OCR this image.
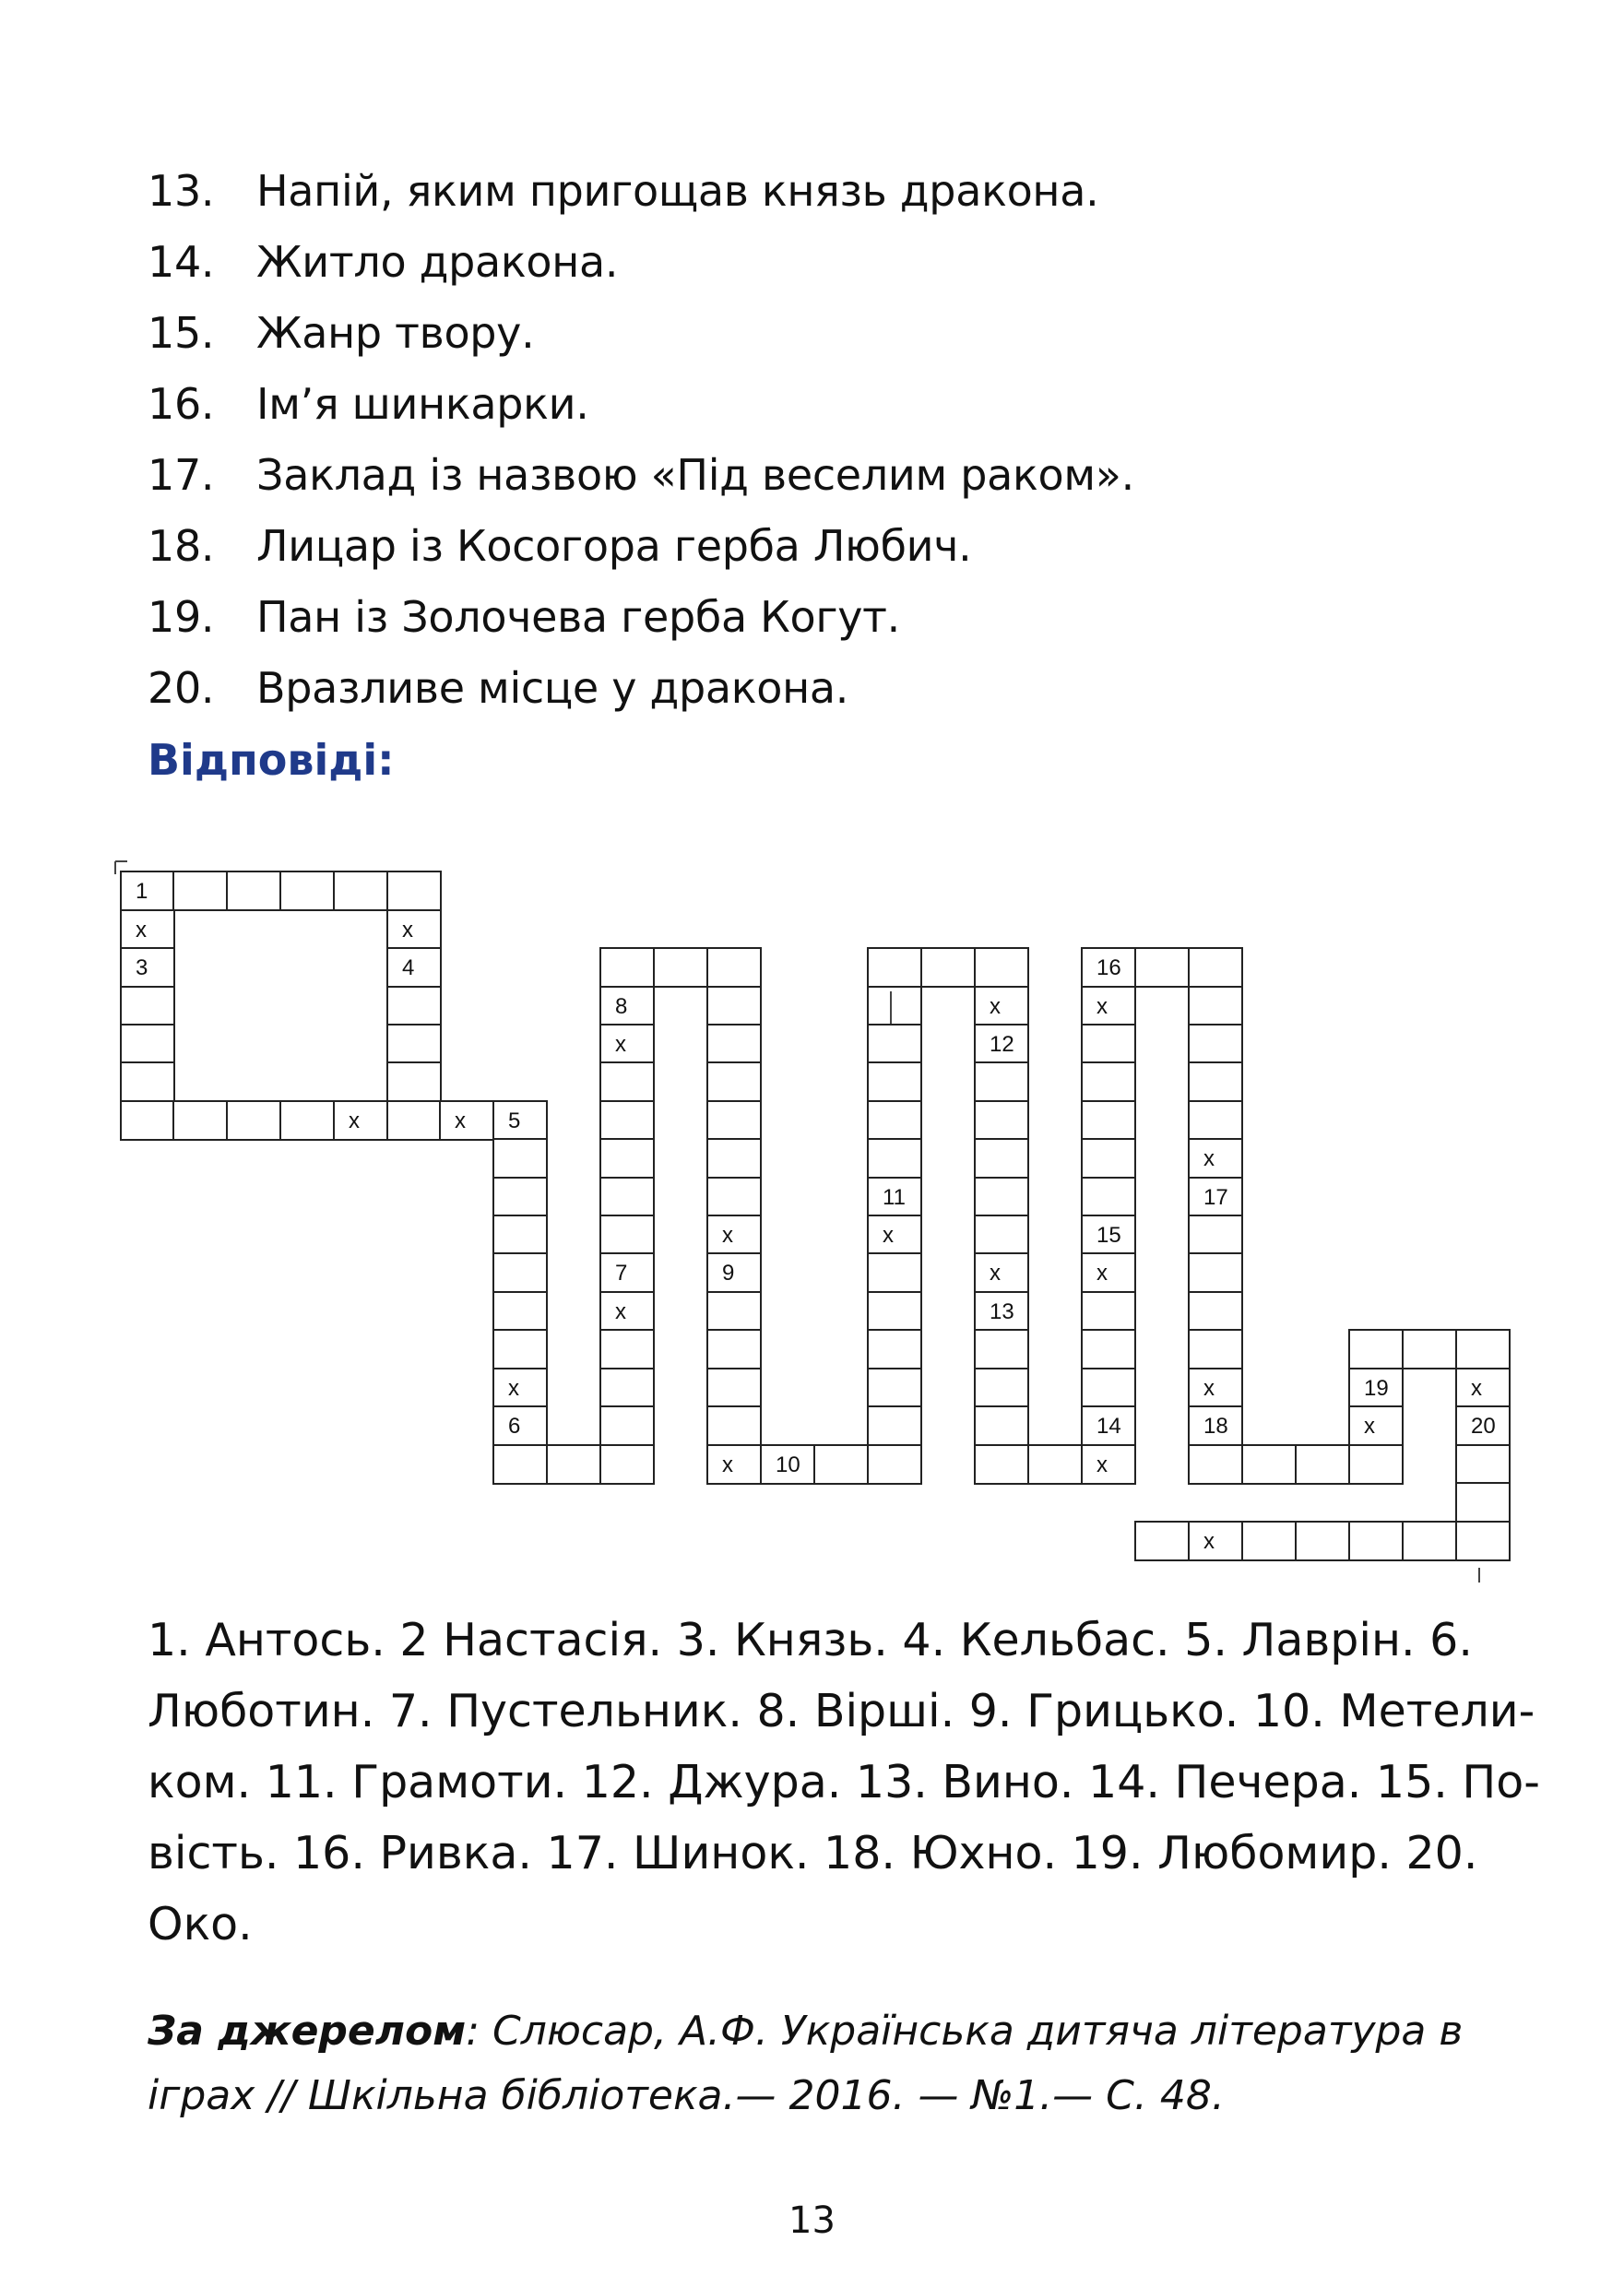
13. Напій, яким пригощав князь дракона.
14. Житло дракона.
15. Жанр твору.
16. Ім’я шинкарки.
17. Заклад із назвою «Під веселим раком».
18. Лицар із Косогора герба Любич.
19. Пан із Золочева герба Когут.
20. Вразливе місце у дракона.
Відповіді:
1
x
3
x
4
x	x 5
6
x
8
x
7
x
x
9
x 10
11
x
x
12
x
13
16
x
15
x
14
x
x
17
x
18
19
x
x
20
x

1. Антось. 2 Настасія. 3. Князь. 4. Кельбас. 5. Лаврін. 6.

Люботин. 7. Пустельник. 8. Вірші. 9. Грицько. 10. Метели-

ком. 11. Грамоти. 12. Джура. 13. Вино. 14. Печера. 15. По-

вість. 16. Ривка. 17. Шинок. 18. Юхно. 19. Любомир. 20.

Око.

За джерелом: Слюсар, А.Ф. Українська дитяча література в

іграх // Шкільна бібліотека.— 2016. — №1.— С. 48.

13
